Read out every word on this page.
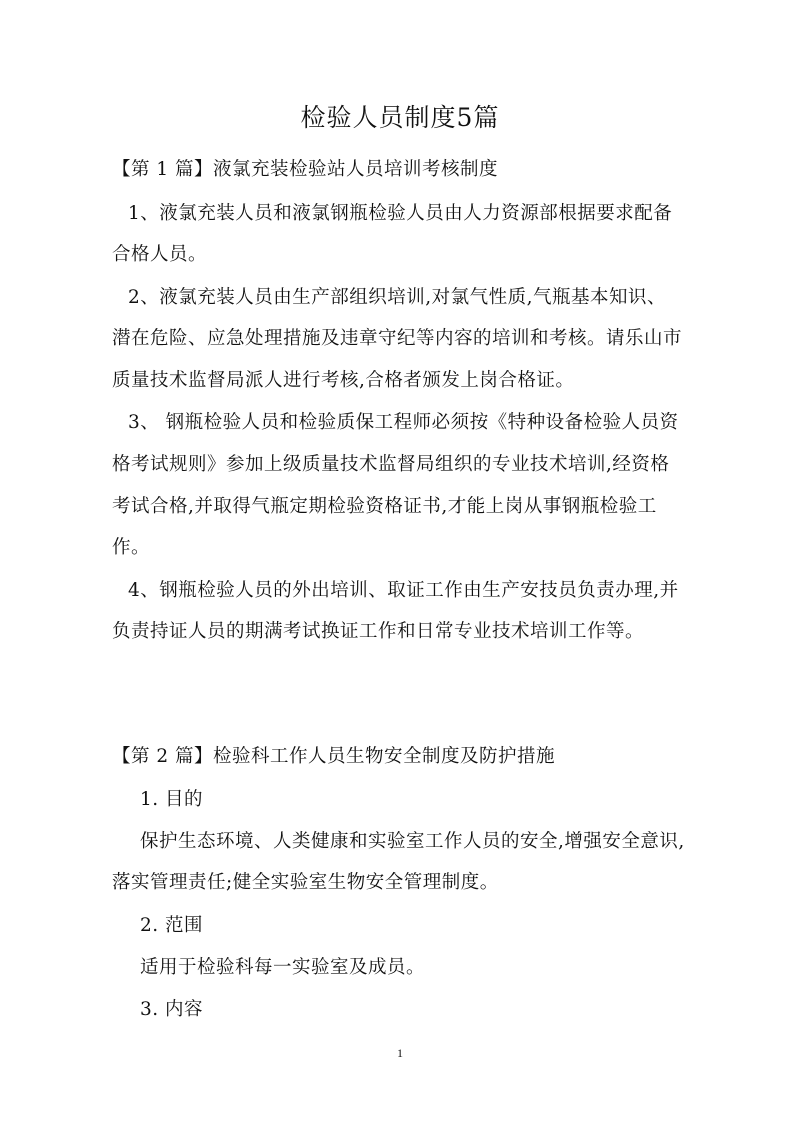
检验人员制度5篇
【第 1 篇】液氯充装检验站人员培训考核制度
1、液氯充装人员和液氯钢瓶检验人员由人力资源部根据要求配备
合格人员。
2、液氯充装人员由生产部组织培训,对氯气性质,气瓶基本知识、
潜在危险、应急处理措施及违章守纪等内容的培训和考核。请乐山市
质量技术监督局派人进行考核,合格者颁发上岗合格证。
3、 钢瓶检验人员和检验质保工程师必须按《特种设备检验人员资
格考试规则》参加上级质量技术监督局组织的专业技术培训,经资格
考试合格,并取得气瓶定期检验资格证书,才能上岗从事钢瓶检验工
作。
4、钢瓶检验人员的外出培训、取证工作由生产安技员负责办理,并
负责持证人员的期满考试换证工作和日常专业技术培训工作等。
【第 2 篇】检验科工作人员生物安全制度及防护措施
1. 目的
保护生态环境、人类健康和实验室工作人员的安全,增强安全意识,
落实管理责任;健全实验室生物安全管理制度。
2. 范围
适用于检验科每一实验室及成员。
3. 内容
1
